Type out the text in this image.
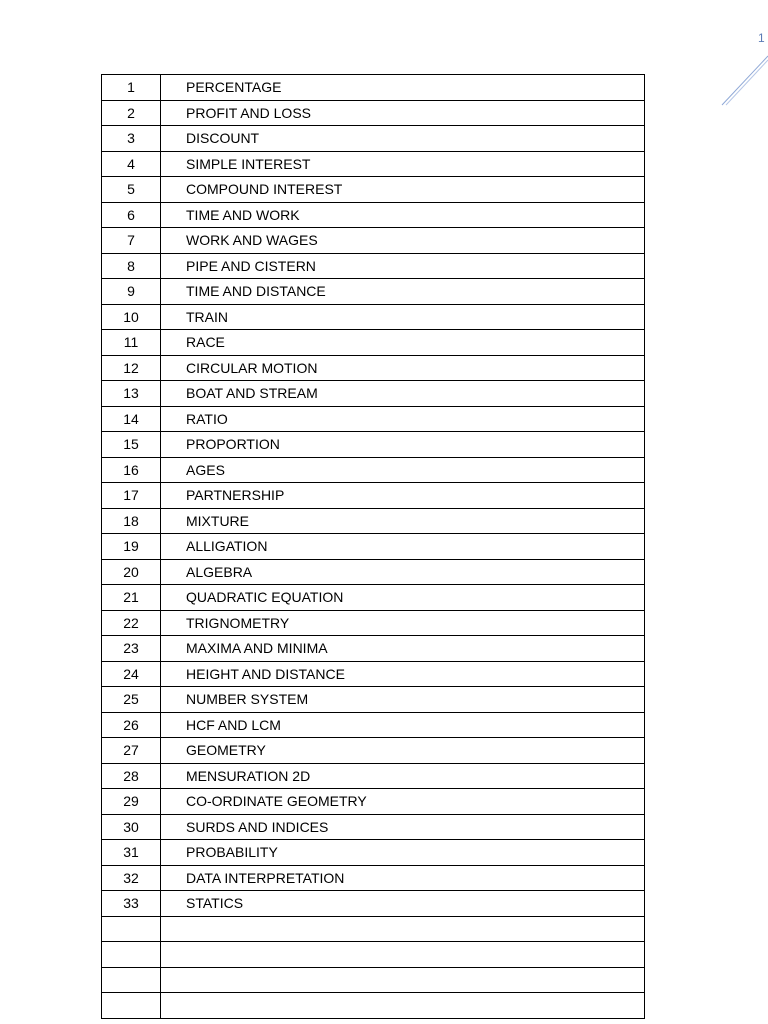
1
1	PERCENTAGE
2	PROFIT AND LOSS
3	DISCOUNT
4	SIMPLE INTEREST
5	COMPOUND INTEREST
6	TIME AND WORK
7	WORK AND WAGES
8	PIPE AND CISTERN
9	TIME AND DISTANCE
10	TRAIN
11	RACE
12	CIRCULAR MOTION
13	BOAT AND STREAM
14	RATIO
15	PROPORTION
16	AGES
17	PARTNERSHIP
18	MIXTURE
19	ALLIGATION
20	ALGEBRA
21	QUADRATIC EQUATION
22	TRIGNOMETRY
23	MAXIMA AND MINIMA
24	HEIGHT AND DISTANCE
25	NUMBER SYSTEM
26	HCF AND LCM
27	GEOMETRY
28	MENSURATION 2D
29	CO-ORDINATE GEOMETRY
30	SURDS AND INDICES
31	PROBABILITY
32	DATA INTERPRETATION
33	STATICS
